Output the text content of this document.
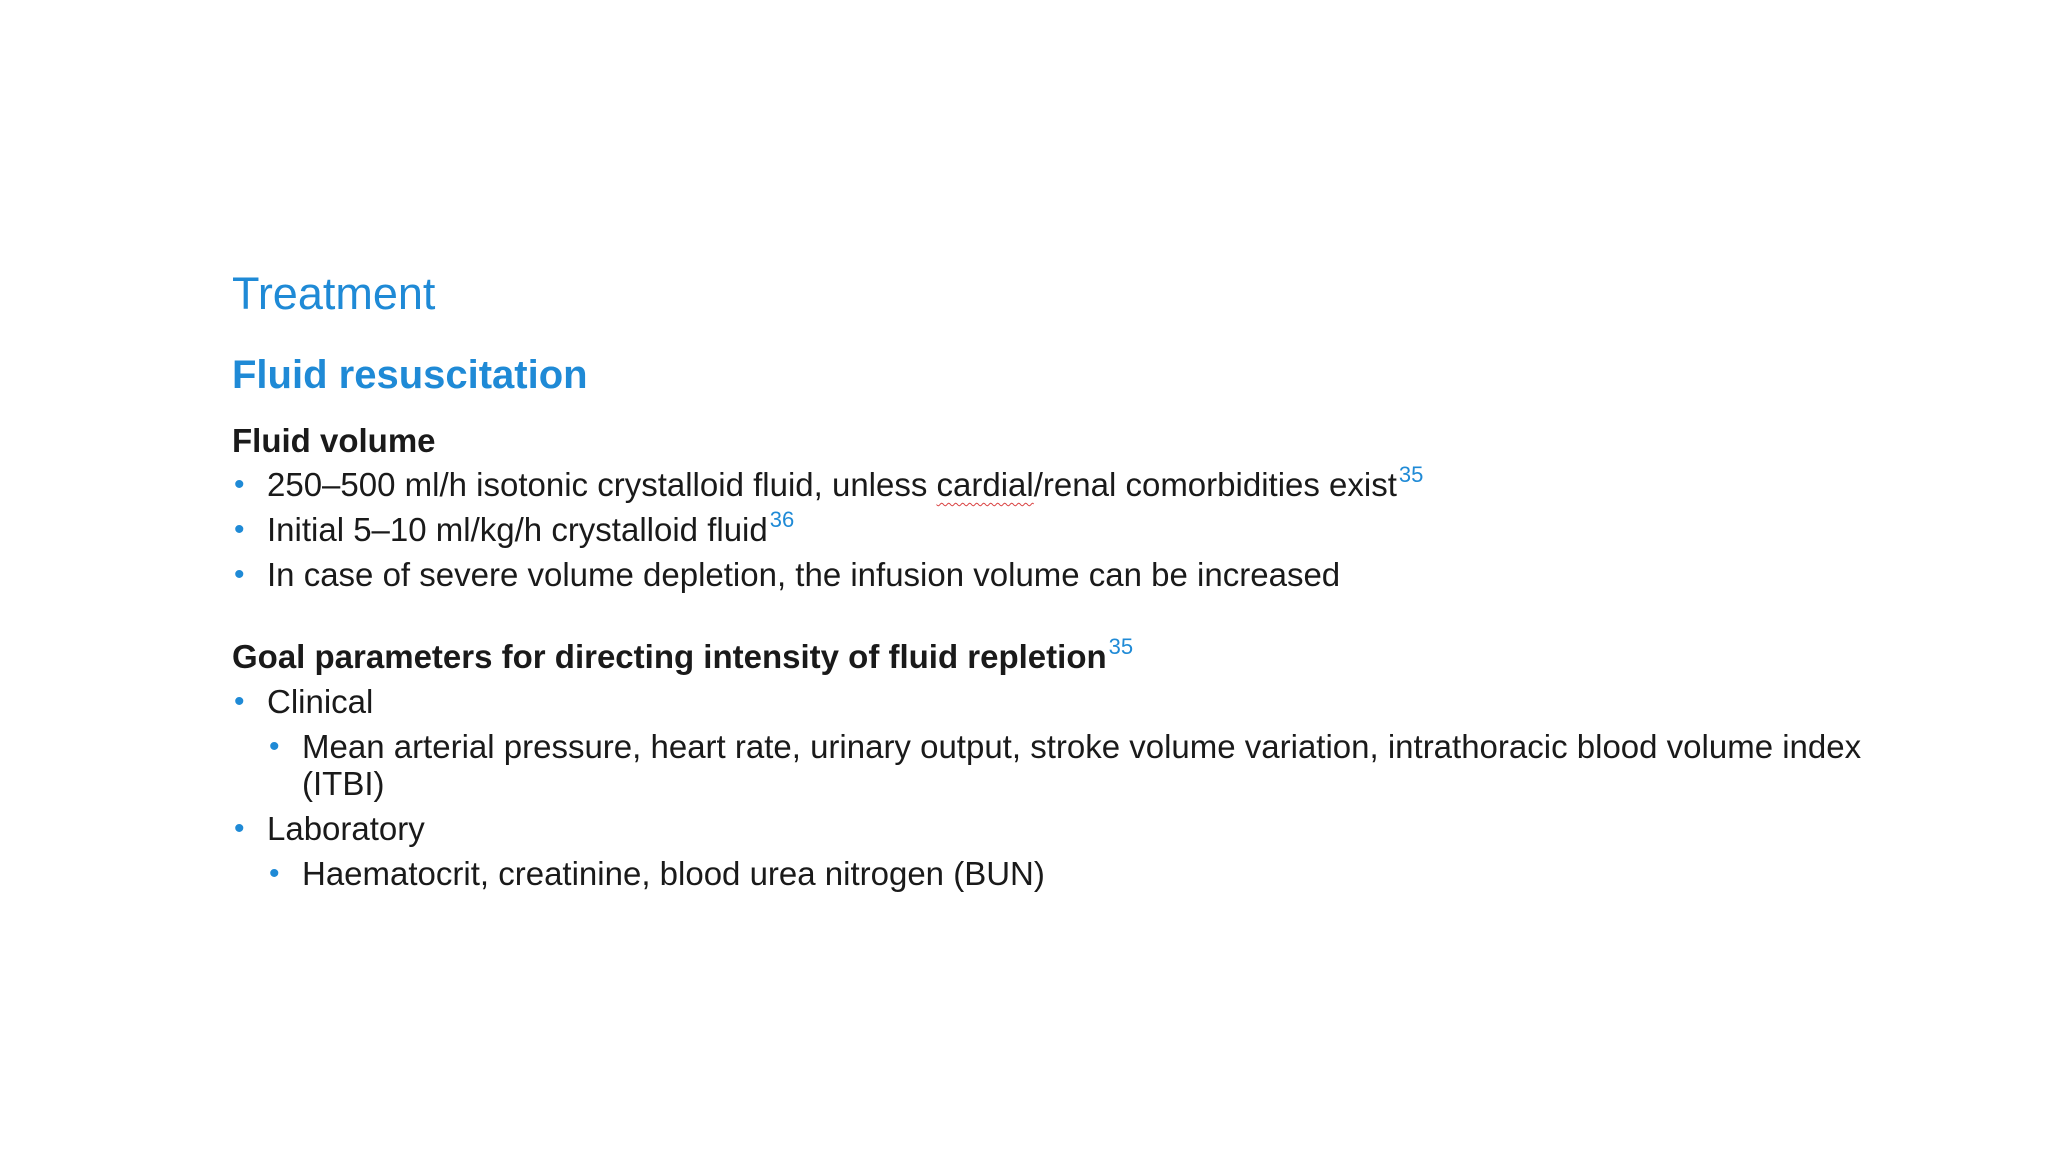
Treatment
Fluid resuscitation
Fluid volume
• 250–500 ml/h isotonic crystalloid fluid, unless cardial/renal comorbidities exist$^{35}$
• Initial 5–10 ml/kg/h crystalloid fluid$^{36}$
• In case of severe volume depletion, the infusion volume can be increased
Goal parameters for directing intensity of fluid repletion$^{35}$
• Clinical
• Mean arterial pressure, heart rate, urinary output, stroke volume variation, intrathoracic blood volume index (ITBI)
• Laboratory
• Haematocrit, creatinine, blood urea nitrogen (BUN)
